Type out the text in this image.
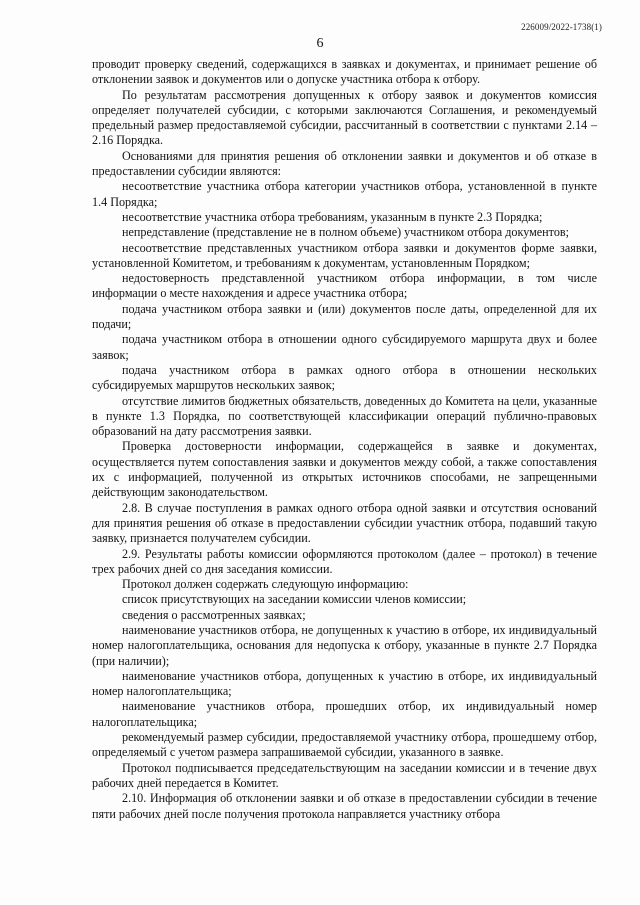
226009/2022-1738(1)
6

проводит проверку сведений, содержащихся в заявках и документах, и принимает решение об отклонении заявок и документов или о допуске участника отбора к отбору.

По результатам рассмотрения допущенных к отбору заявок и документов комиссия определяет получателей субсидии, с которыми заключаются Соглашения, и рекомендуемый предельный размер предоставляемой субсидии, рассчитанный в соответствии с пунктами 2.14 – 2.16 Порядка.

Основаниями для принятия решения об отклонении заявки и документов и об отказе в предоставлении субсидии являются:

несоответствие участника отбора категории участников отбора, установленной в пункте 1.4 Порядка;

несоответствие участника отбора требованиям, указанным в пункте 2.3 Порядка;

непредставление (представление не в полном объеме) участником отбора документов;

несоответствие представленных участником отбора заявки и документов форме заявки, установленной Комитетом, и требованиям к документам, установленным Порядком;

недостоверность представленной участником отбора информации, в том числе информации о месте нахождения и адресе участника отбора;

подача участником отбора заявки и (или) документов после даты, определенной для их подачи;

подача участником отбора в отношении одного субсидируемого маршрута двух и более заявок;

подача участником отбора в рамках одного отбора в отношении нескольких субсидируемых маршрутов нескольких заявок;

отсутствие лимитов бюджетных обязательств, доведенных до Комитета на цели, указанные в пункте 1.3 Порядка, по соответствующей классификации операций публично-правовых образований на дату рассмотрения заявки.

Проверка достоверности информации, содержащейся в заявке и документах, осуществляется путем сопоставления заявки и документов между собой, а также сопоставления их с информацией, полученной из открытых источников способами, не запрещенными действующим законодательством.

2.8. В случае поступления в рамках одного отбора одной заявки и отсутствия оснований для принятия решения об отказе в предоставлении субсидии участник отбора, подавший такую заявку, признается получателем субсидии.

2.9. Результаты работы комиссии оформляются протоколом (далее – протокол) в течение трех рабочих дней со дня заседания комиссии.

Протокол должен содержать следующую информацию:

список присутствующих на заседании комиссии членов комиссии;

сведения о рассмотренных заявках;

наименование участников отбора, не допущенных к участию в отборе, их индивидуальный номер налогоплательщика, основания для недопуска к отбору, указанные в пункте 2.7 Порядка (при наличии);

наименование участников отбора, допущенных к участию в отборе, их индивидуальный номер налогоплательщика;

наименование участников отбора, прошедших отбор, их индивидуальный номер налогоплательщика;

рекомендуемый размер субсидии, предоставляемой участнику отбора, прошедшему отбор, определяемый с учетом размера запрашиваемой субсидии, указанного в заявке.

Протокол подписывается председательствующим на заседании комиссии и в течение двух рабочих дней передается в Комитет.

2.10. Информация об отклонении заявки и об отказе в предоставлении субсидии в течение пяти рабочих дней после получения протокола направляется участнику отбора
